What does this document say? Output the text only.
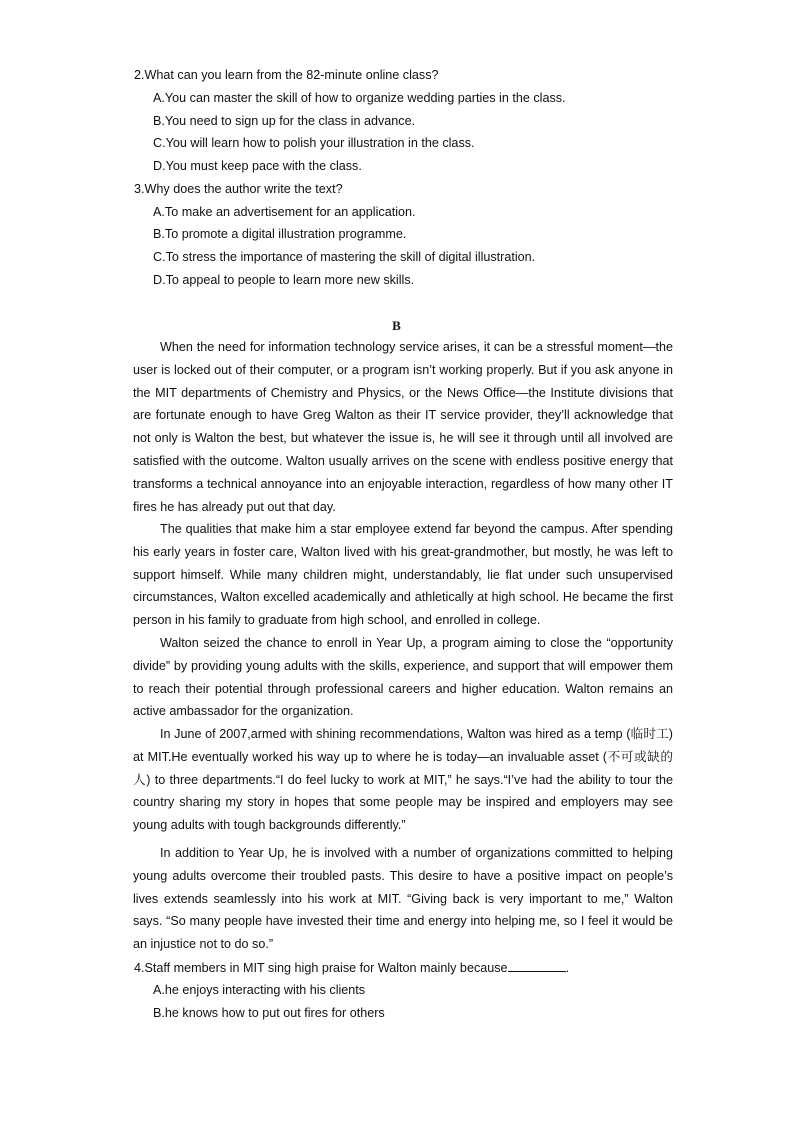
2.What can you learn from the 82-minute online class?
A.You can master the skill of how to organize wedding parties in the class.
B.You need to sign up for the class in advance.
C.You will learn how to polish your illustration in the class.
D.You must keep pace with the class.
3.Why does the author write the text?
A.To make an advertisement for an application.
B.To promote a digital illustration programme.
C.To stress the importance of mastering the skill of digital illustration.
D.To appeal to people to learn more new skills.
B

When the need for information technology service arises, it can be a stressful moment—the user is locked out of their computer, or a program isn’t working properly. But if you ask anyone in the MIT departments of Chemistry and Physics, or the News Office—the Institute divisions that are fortunate enough to have Greg Walton as their IT service provider, they’ll acknowledge that not only is Walton the best, but whatever the issue is, he will see it through until all involved are satisfied with the outcome. Walton usually arrives on the scene with endless positive energy that transforms a technical annoyance into an enjoyable interaction, regardless of how many other IT fires he has already put out that day.

The qualities that make him a star employee extend far beyond the campus. After spending his early years in foster care, Walton lived with his great-grandmother, but mostly, he was left to support himself. While many children might, understandably, lie flat under such unsupervised circumstances, Walton excelled academically and athletically at high school. He became the first person in his family to graduate from high school, and enrolled in college.

Walton seized the chance to enroll in Year Up, a program aiming to close the “opportunity divide” by providing young adults with the skills, experience, and support that will empower them to reach their potential through professional careers and higher education. Walton remains an active ambassador for the organization.

In June of 2007,armed with shining recommendations, Walton was hired as a temp (临时工) at MIT.He eventually worked his way up to where he is today—an invaluable asset (不可或缺的人) to three departments.“I do feel lucky to work at MIT,” he says.“I’ve had the ability to tour the country sharing my story in hopes that some people may be inspired and employers may see young adults with tough backgrounds differently.”

In addition to Year Up, he is involved with a number of organizations committed to helping young adults overcome their troubled pasts. This desire to have a positive impact on people’s lives extends seamlessly into his work at MIT. “Giving back is very important to me,” Walton says. “So many people have invested their time and energy into helping me, so I feel it would be an injustice not to do so.”

4.Staff members in MIT sing high praise for Walton mainly because	.
A.he enjoys interacting with his clients
B.he knows how to put out fires for others
